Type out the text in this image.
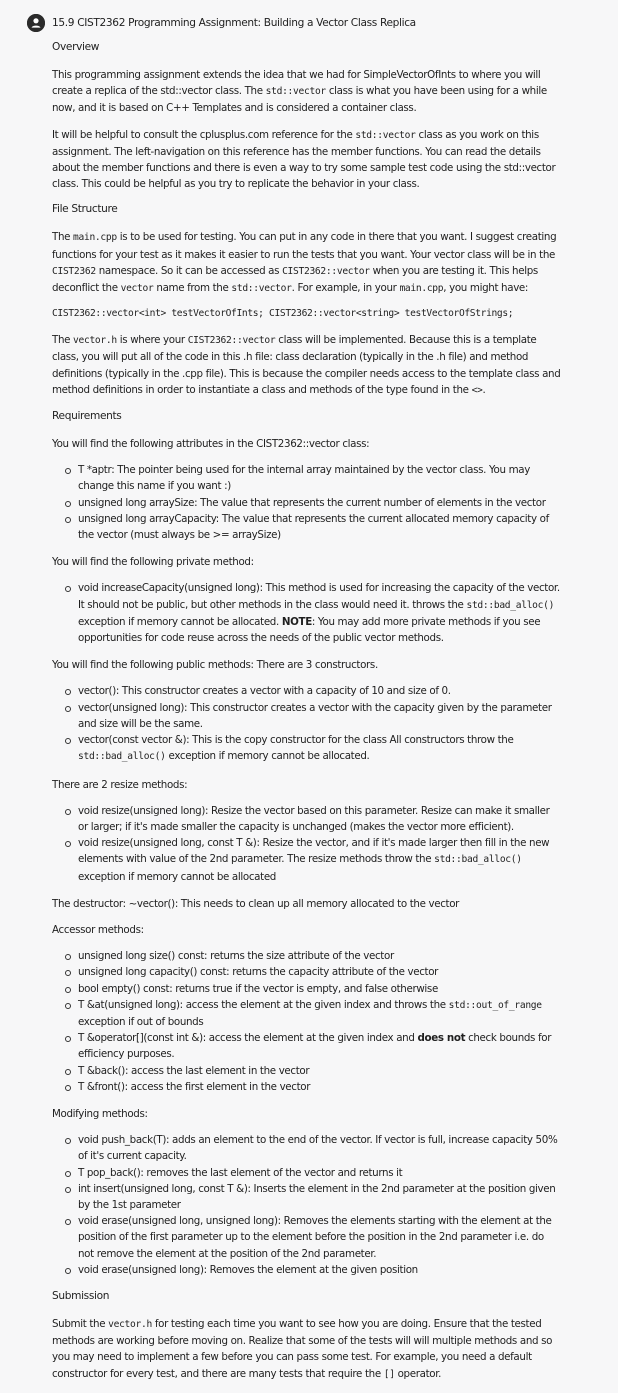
15.9 CIST2362 Programming Assignment: Building a Vector Class Replica
Overview

This programming assignment extends the idea that we had for SimpleVectorOfInts to where you will create a replica of the std::vector class. The std::vector class is what you have been using for a while now, and it is based on C++ Templates and is considered a container class.

It will be helpful to consult the cplusplus.com reference for the std::vector class as you work on this assignment. The left-navigation on this reference has the member functions. You can read the details about the member functions and there is even a way to try some sample test code using the std::vector class. This could be helpful as you try to replicate the behavior in your class.

File Structure

The main.cpp is to be used for testing. You can put in any code in there that you want. I suggest creating functions for your test as it makes it easier to run the tests that you want. Your vector class will be in the CIST2362 namespace. So it can be accessed as CIST2362::vector when you are testing it. This helps deconflict the vector name from the std::vector. For example, in your main.cpp, you might have:

CIST2362::vector<int> testVectorOfInts; CIST2362::vector<string> testVectorOfStrings;

The vector.h is where your CIST2362::vector class will be implemented. Because this is a template class, you will put all of the code in this .h file: class declaration (typically in the .h file) and method definitions (typically in the .cpp file). This is because the compiler needs access to the template class and method definitions in order to instantiate a class and methods of the type found in the <>.

Requirements

You will find the following attributes in the CIST2362::vector class:

T *aptr: The pointer being used for the internal array maintained by the vector class. You may change this name if you want :)
unsigned long arraySize: The value that represents the current number of elements in the vector
unsigned long arrayCapacity: The value that represents the current allocated memory capacity of the vector (must always be >= arraySize)

You will find the following private method:

void increaseCapacity(unsigned long): This method is used for increasing the capacity of the vector. It should not be public, but other methods in the class would need it. throws the std::bad_alloc() exception if memory cannot be allocated. NOTE: You may add more private methods if you see opportunities for code reuse across the needs of the public vector methods.

You will find the following public methods: There are 3 constructors.

vector(): This constructor creates a vector with a capacity of 10 and size of 0.
vector(unsigned long): This constructor creates a vector with the capacity given by the parameter and size will be the same.
vector(const vector &): This is the copy constructor for the class All constructors throw the std::bad_alloc() exception if memory cannot be allocated.

There are 2 resize methods:

void resize(unsigned long): Resize the vector based on this parameter. Resize can make it smaller or larger; if it's made smaller the capacity is unchanged (makes the vector more efficient).
void resize(unsigned long, const T &): Resize the vector, and if it's made larger then fill in the new elements with value of the 2nd parameter. The resize methods throw the std::bad_alloc() exception if memory cannot be allocated

The destructor: ~vector(): This needs to clean up all memory allocated to the vector

Accessor methods:

unsigned long size() const: returns the size attribute of the vector
unsigned long capacity() const: returns the capacity attribute of the vector
bool empty() const: returns true if the vector is empty, and false otherwise
T &at(unsigned long): access the element at the given index and throws the std::out_of_range exception if out of bounds
T &operator[](const int &): access the element at the given index and does not check bounds for efficiency purposes.
T &back(): access the last element in the vector
T &front(): access the first element in the vector

Modifying methods:

void push_back(T): adds an element to the end of the vector. If vector is full, increase capacity 50% of it's current capacity.
T pop_back(): removes the last element of the vector and returns it
int insert(unsigned long, const T &): Inserts the element in the 2nd parameter at the position given by the 1st parameter
void erase(unsigned long, unsigned long): Removes the elements starting with the element at the position of the first parameter up to the element before the position in the 2nd parameter i.e. do not remove the element at the position of the 2nd parameter.
void erase(unsigned long): Removes the element at the given position
Submission

Submit the vector.h for testing each time you want to see how you are doing. Ensure that the tested methods are working before moving on. Realize that some of the tests will will multiple methods and so you may need to implement a few before you can pass some test. For example, you need a default constructor for every test, and there are many tests that require the [] operator.
